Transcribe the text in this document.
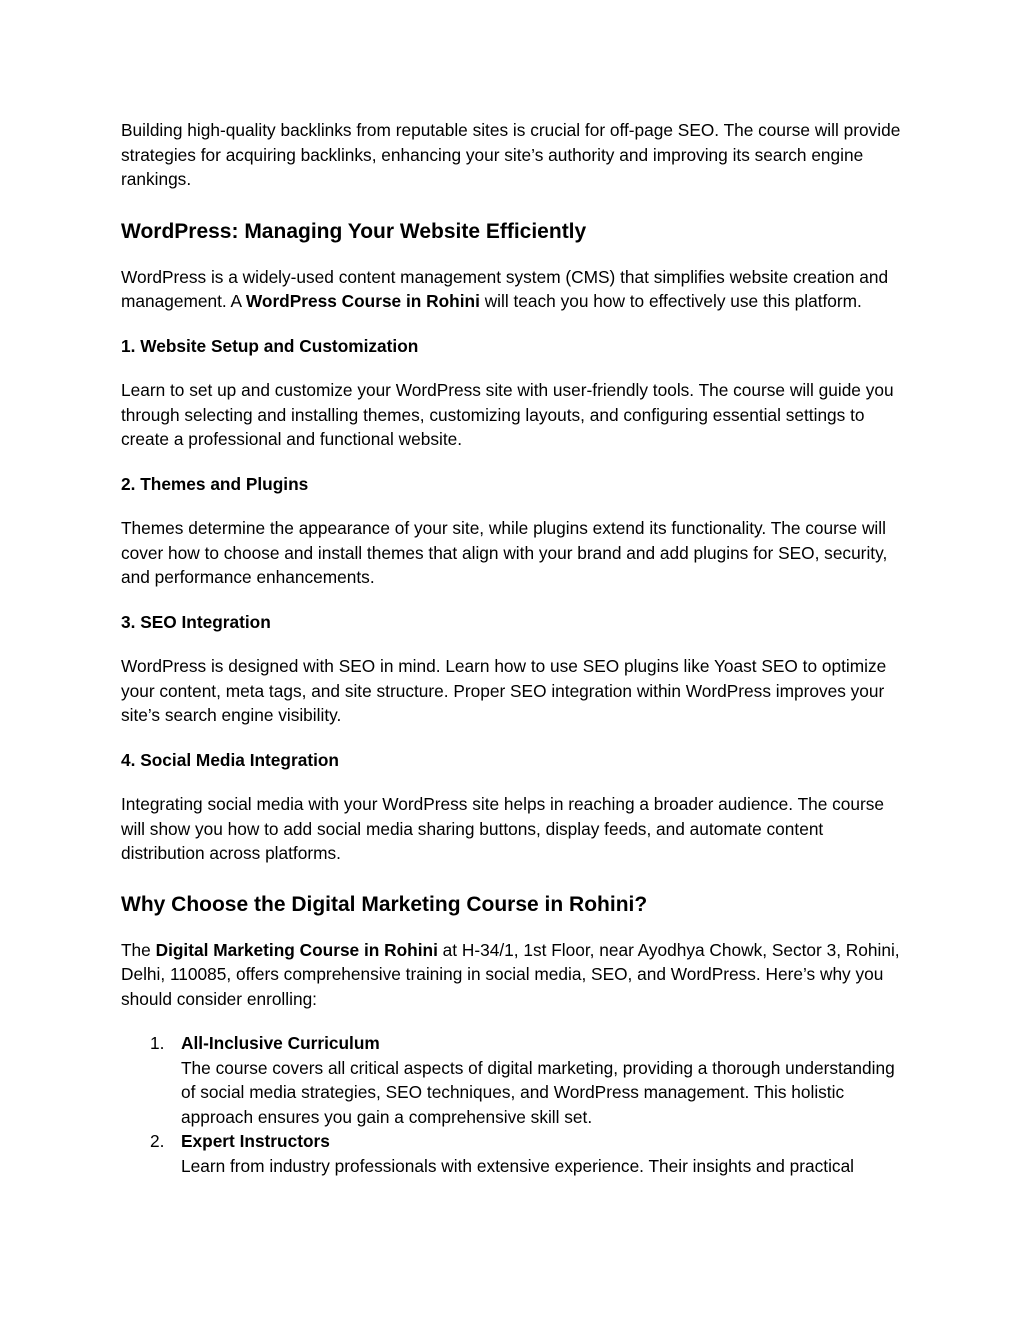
Building high-quality backlinks from reputable sites is crucial for off-page SEO. The course will provide strategies for acquiring backlinks, enhancing your site’s authority and improving its search engine rankings.

WordPress: Managing Your Website Efficiently

WordPress is a widely-used content management system (CMS) that simplifies website creation and management. A WordPress Course in Rohini will teach you how to effectively use this platform.

1. Website Setup and Customization

Learn to set up and customize your WordPress site with user-friendly tools. The course will guide you through selecting and installing themes, customizing layouts, and configuring essential settings to create a professional and functional website.

2. Themes and Plugins

Themes determine the appearance of your site, while plugins extend its functionality. The course will cover how to choose and install themes that align with your brand and add plugins for SEO, security, and performance enhancements.

3. SEO Integration

WordPress is designed with SEO in mind. Learn how to use SEO plugins like Yoast SEO to optimize your content, meta tags, and site structure. Proper SEO integration within WordPress improves your site’s search engine visibility.

4. Social Media Integration

Integrating social media with your WordPress site helps in reaching a broader audience. The course will show you how to add social media sharing buttons, display feeds, and automate content distribution across platforms.

Why Choose the Digital Marketing Course in Rohini?

The Digital Marketing Course in Rohini at H-34/1, 1st Floor, near Ayodhya Chowk, Sector 3, Rohini, Delhi, 110085, offers comprehensive training in social media, SEO, and WordPress. Here’s why you should consider enrolling:

1. All-Inclusive Curriculum
The course covers all critical aspects of digital marketing, providing a thorough understanding of social media strategies, SEO techniques, and WordPress management. This holistic approach ensures you gain a comprehensive skill set.
2. Expert Instructors
Learn from industry professionals with extensive experience. Their insights and practical
